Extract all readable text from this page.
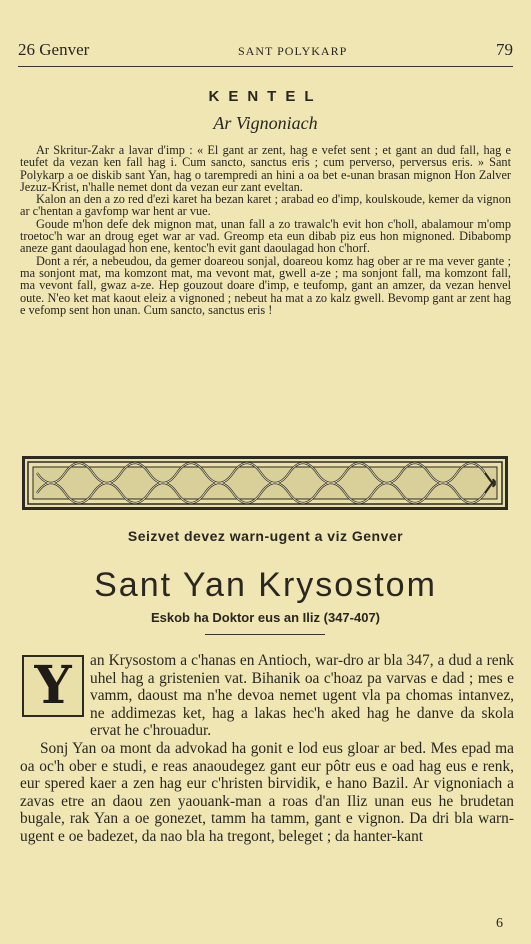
26 Genver	SANT POLYKARP	79
KENTEL
Ar Vignoniach

Ar Skritur-Zakr a lavar d'imp : « El gant ar zent, hag e vefet sent ; et gant an dud fall, hag e teufet da vezan ken fall hag i. Cum sancto, sanctus eris ; cum perverso, perversus eris. » Sant Polykarp a oe diskib sant Yan, hag o tarempredi an hini a oa bet e-unan brasan mignon Hon Zalver Jezuz-Krist, n'halle nemet dont da vezan eur zant eveltan.

Kalon an den a zo red d'ezi karet ha bezan karet ; arabad eo d'imp, koulskoude, kemer da vignon ar c'hentan a gavfomp war hent ar vue.

Goude m'hon defe dek mignon mat, unan fall a zo trawalc'h evit hon c'holl, abalamour m'omp troetoc'h war an droug eget war ar vad. Greomp eta eun dibab piz eus hon mignoned. Dibabomp aneze gant daoulagad hon ene, kentoc'h evit gant daoulagad hon c'horf.

Dont a rér, a nebeudou, da gemer doareou sonjal, doareou komz hag ober ar re ma vever gante ; ma sonjont mat, ma komzont mat, ma vevont mat, gwell a-ze ; ma sonjont fall, ma komzont fall, ma vevont fall, gwaz a-ze. Hep gouzout doare d'imp, e teufomp, gant an amzer, da vezan henvel oute. N'eo ket mat kaout eleiz a vignoned ; nebeut ha mat a zo kalz gwell. Bevomp gant ar zent hag e vefomp sent hon unan. Cum sancto, sanctus eris !

Seizvet devez warn-ugent a viz Genver
Sant Yan Krysostom
Eskob ha Doktor eus an Iliz (347-407)

an Krysostom a c'hanas en Antioch, war-dro ar bla 347, a dud a renk uhel hag a gristenien vat. Bihanik oa c'hoaz pa varvas e dad ; mes e vamm, daoust ma n'he devoa nemet ugent vla pa chomas intanvez, ne addimezas ket, hag a lakas hec'h aked hag he danve da skola ervat he c'hrouadur.

Sonj Yan oa mont da advokad ha gonit e lod eus gloar ar bed. Mes epad ma oa oc'h ober e studi, e reas anaoudegez gant eur pôtr eus e oad hag eus e renk, eur spered kaer a zen hag eur c'hristen birvidik, e hano Bazil. Ar vignoniach a zavas etre an daou zen yaouank-man a roas d'an Iliz unan eus he brudetan bugale, rak Yan a oe gonezet, tamm ha tamm, gant e vignon. Da dri bla warn-ugent e oe badezet, da nao bla ha tregont, beleget ; da hanter-kant

Y
6
